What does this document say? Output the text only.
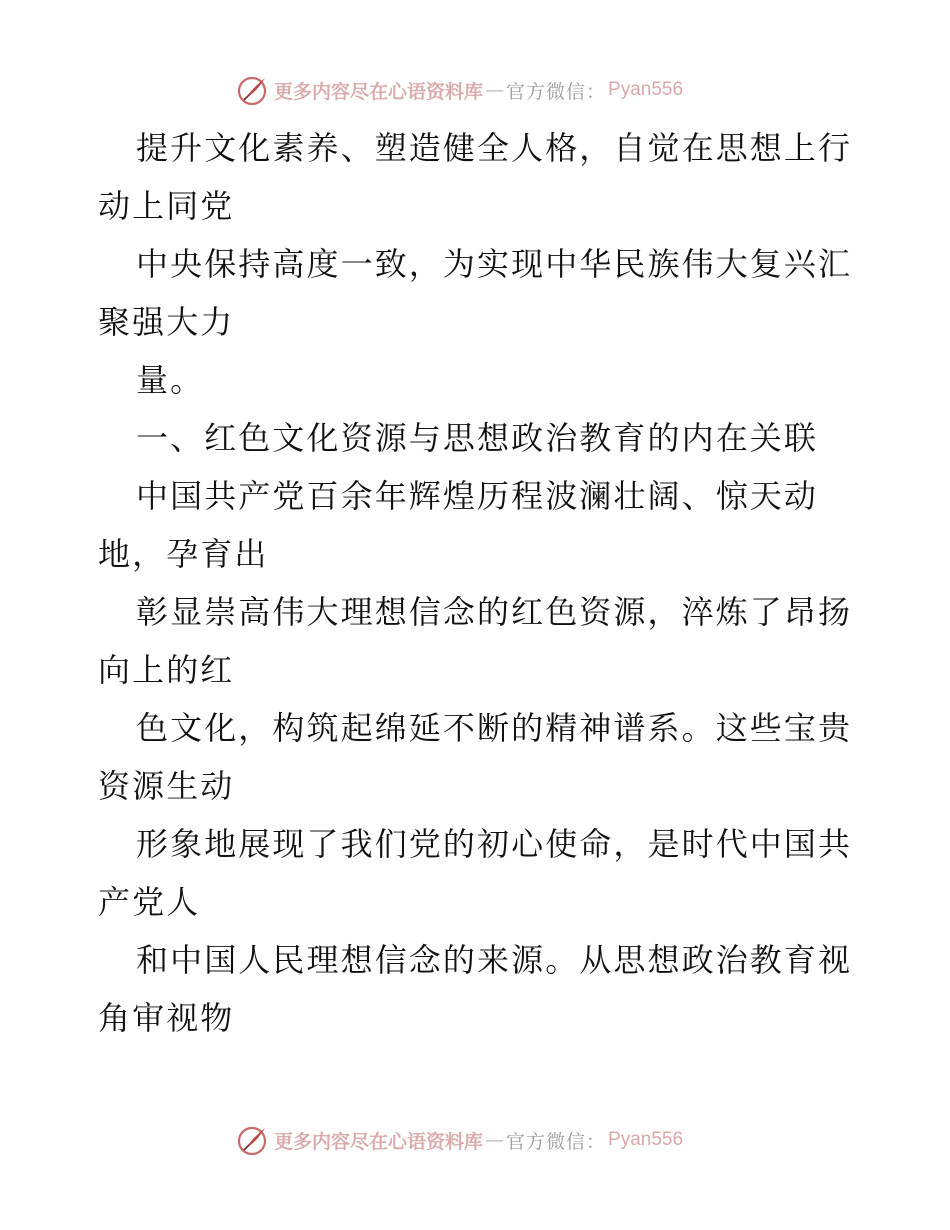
更多内容尽在心语资料库 — 官方微信： Pyan556
提升文化素养、塑造健全人格，自觉在思想上行
动上同党
中央保持高度一致，为实现中华民族伟大复兴汇
聚强大力
量。
一、红色文化资源与思想政治教育的内在关联
中国共产党百余年辉煌历程波澜壮阔、惊天动
地，孕育出
彰显崇高伟大理想信念的红色资源，淬炼了昂扬
向上的红
色文化，构筑起绵延不断的精神谱系。这些宝贵
资源生动
形象地展现了我们党的初心使命，是时代中国共
产党人
和中国人民理想信念的来源。从思想政治教育视
角审视物
更多内容尽在心语资料库 — 官方微信： Pyan556
